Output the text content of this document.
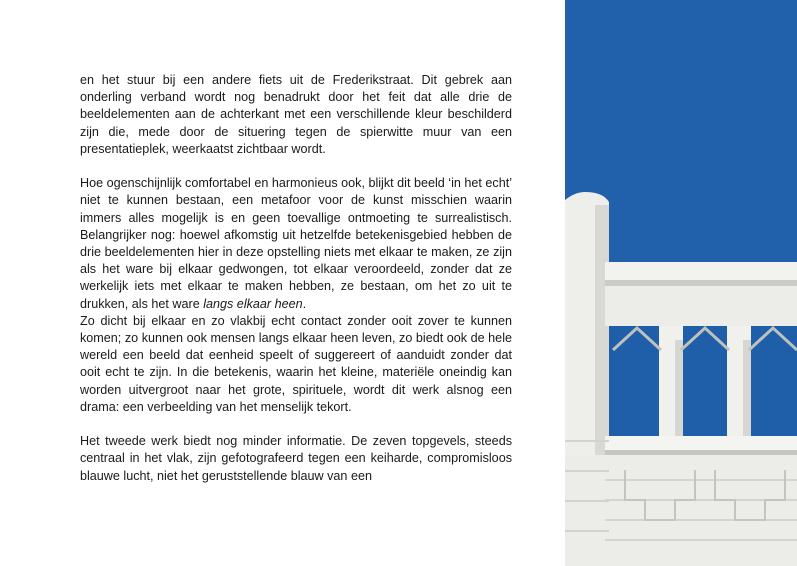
en het stuur bij een andere fiets uit de Frederikstraat. Dit gebrek aan onderling verband wordt nog benadrukt door het feit dat alle drie de beeldelementen aan de achterkant met een verschillende kleur beschilderd zijn die, mede door de situering tegen de spierwitte muur van een presentatieplek, weerkaatst zichtbaar wordt.

Hoe ogenschijnlijk comfortabel en harmonieus ook, blijkt dit beeld ‘in het echt’ niet te kunnen bestaan, een metafoor voor de kunst misschien waarin immers alles mogelijk is en geen toevallige ontmoeting te surrealistisch. Belangrijker nog: hoewel afkomstig uit hetzelfde betekenisgebied hebben de drie beeldelementen hier in deze opstelling niets met elkaar te maken, ze zijn als het ware bij elkaar gedwongen, tot elkaar veroordeeld, zonder dat ze werkelijk iets met elkaar te maken hebben, ze bestaan, om het zo uit te drukken, als het ware langs elkaar heen.

Zo dicht bij elkaar en zo vlakbij echt contact zonder ooit zover te kunnen komen; zo kunnen ook mensen langs elkaar heen leven, zo biedt ook de hele wereld een beeld dat eenheid speelt of suggereert of aanduidt zonder dat ooit echt te zijn. In die betekenis, waarin het kleine, materiële oneindig kan worden uitvergroot naar het grote, spirituele, wordt dit werk alsnog een drama: een verbeelding van het menselijk tekort.

Het tweede werk biedt nog minder informatie. De zeven topgevels, steeds centraal in het vlak, zijn gefotografeerd tegen een keiharde, compromisloos blauwe lucht, niet het geruststellende blauw van een
